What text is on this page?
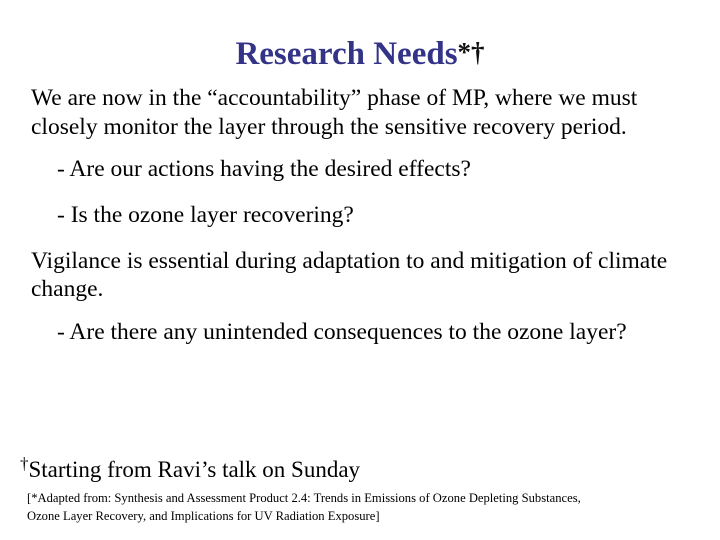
Research Needs*†

We are now in the “accountability” phase of MP, where we must closely monitor the layer through the sensitive recovery period.

- Are our actions having the desired effects?

- Is the ozone layer recovering?

Vigilance is essential during adaptation to and mitigation of climate change.

- Are there any unintended consequences to the ozone layer?

†Starting from Ravi’s talk on Sunday
[*Adapted from: Synthesis and Assessment Product 2.4: Trends in Emissions of Ozone Depleting Substances,
Ozone Layer Recovery, and Implications for UV Radiation Exposure]
